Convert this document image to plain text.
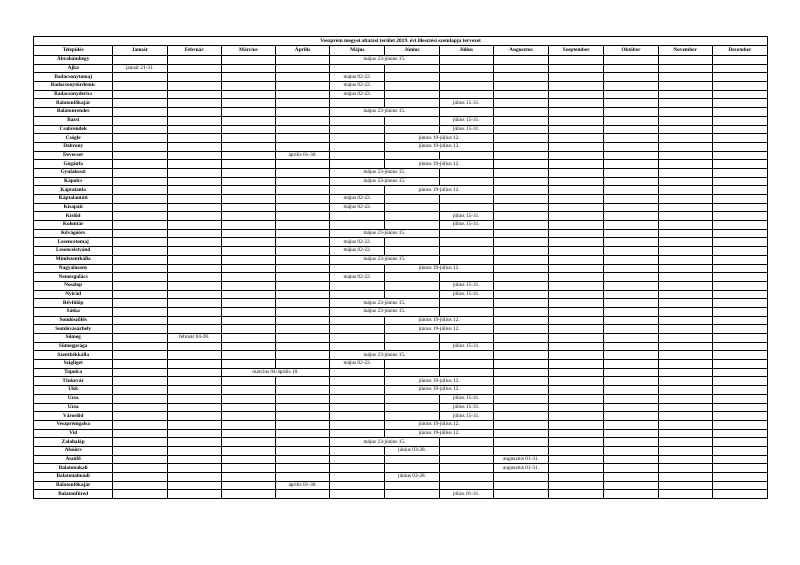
Veszprém megyei altatási terület 2019. évi illesztési szemlapja tervezet												
Település	Január	Február	Március	Április	Május	Június	Július	Augusztus	Szeptember	Október	November	December
Ábrahámhegy					május 23-június 15.							
Ajka	január 21-31.											
Badacsonytomaj					május 02-22.							
Badacsonytördemic					május 02-22.							
Badacsonyderics					május 02-22.							
Balatonfőkajár							július 15-31.					
Balatonrendes					május 23-június 15.							
Bazsi							július 15-31.					
Csabrendek							július 15-31.					
Csögle						június 19-július 12.						
Dabrony						június 19-július 12.						
Devecser				április 01-30.								
Gógánfa						június 19-július 12.						
Gyulakeszi					május 23-június 15.							
Kapolcs					május 23-június 15.							
Káptalanfa						június 19-július 12.						
Káptalantóti					május 02-22.							
Kisapáti					május 02-22.							
Kislőd							július 15-31.					
Kolontár							július 15-31.					
Kővágóörs					május 23-június 15.							
Lesencetomaj					május 02-22.							
Lesenceistvánd					május 02-22.							
Mindszentkálla					május 23-június 15.							
Nagyalásony						június 19-július 12.						
Nemesgulács					május 02-22.							
Noszlop							július 15-31.					
Nyirád							július 15-31.					
Révfülöp					május 23-június 15.							
Sáska					május 23-június 15.							
Somlószőlős						június 19-július 12.						
Somlóvásárhely						június 19-július 12.						
Sümeg		február 04-28.										
Sümegprága							július 15-31.					
Szentbékkálla					május 23-június 15.							
Szigliget					május 02-22.							
Tapolca			március 04-április 10.									
Tüskevár						június 19-július 12.						
Ukk						június 19-július 12.						
Uzsa							július 15-31.					
Uzsa							július 15-31.					
Városlőd							július 15-31.					
Veszprémgalsa						június 19-július 12.						
Vid						június 19-július 12.						
Zalahaláp					május 23-június 15.							
Alsóörs						június 03-28.						
Aszófő								augusztus 01-31.				
Balatonakali								augusztus 01-31.				
Balatonalmádi						június 03-28.						
Balatonfőkajár				április 01-30.								
Balatonfüred							július 01-31.					
